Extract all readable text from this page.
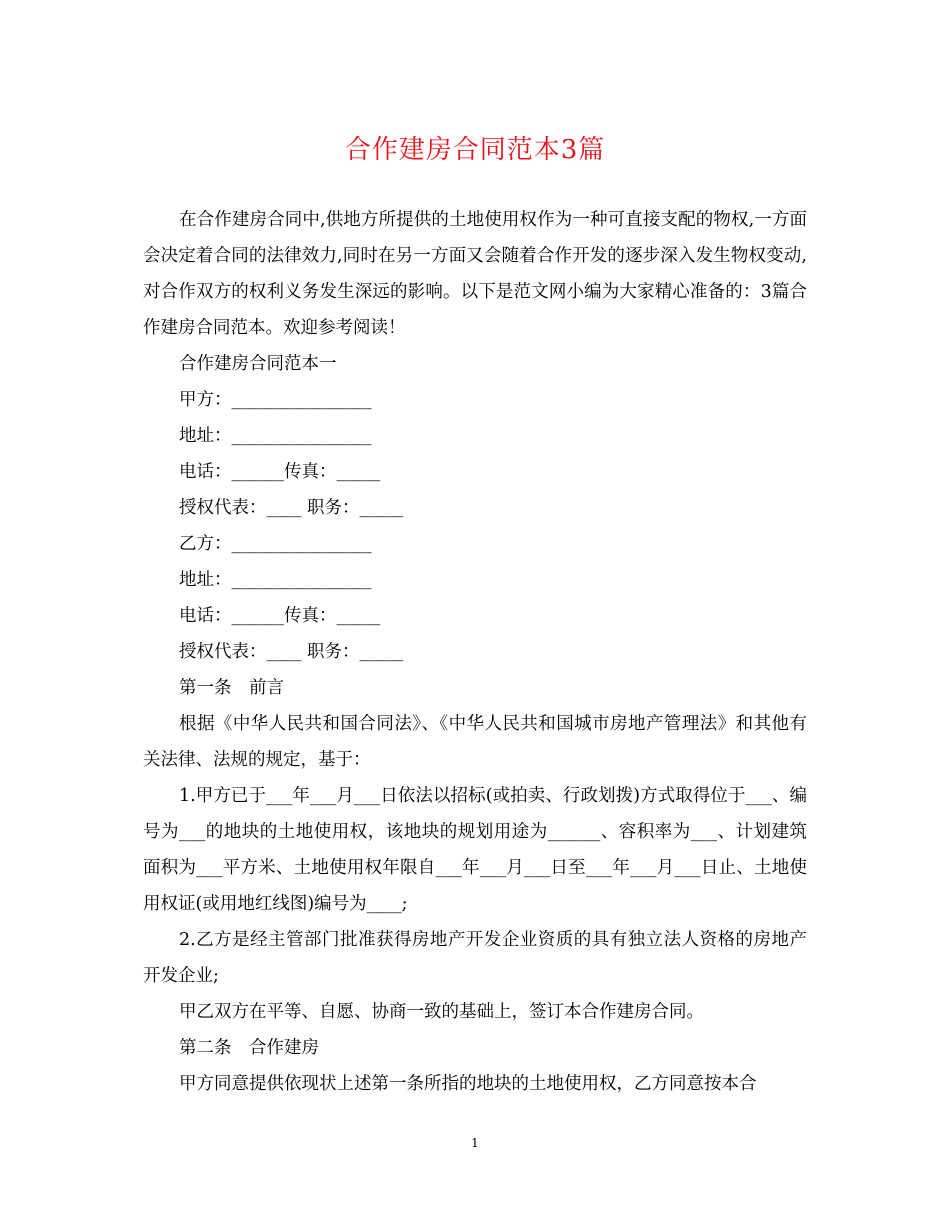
合作建房合同范本3篇

在合作建房合同中,供地方所提供的土地使用权作为一种可直接支配的物权,一方面会决定着合同的法律效力,同时在另一方面又会随着合作开发的逐步深入发生物权变动,对合作双方的权利义务发生深远的影响。以下是范文网小编为大家精心准备的：3篇合作建房合同范本。欢迎参考阅读！

合作建房合同范本一

甲方：________________

地址：________________

电话：______传真：_____

授权代表：____ 职务：_____

乙方：________________

地址：________________

电话：______传真：_____

授权代表：____ 职务：_____

第一条　前言

根据《中华人民共和国合同法》、《中华人民共和国城市房地产管理法》和其他有关法律、法规的规定，基于：

1.甲方已于___年___月___日依法以招标(或拍卖、行政划拨)方式取得位于___、编号为___的地块的土地使用权，该地块的规划用途为______、容积率为___、计划建筑面积为___平方米、土地使用权年限自___年___月___日至___年___月___日止、土地使用权证(或用地红线图)编号为____;

2.乙方是经主管部门批准获得房地产开发企业资质的具有独立法人资格的房地产开发企业;

甲乙双方在平等、自愿、协商一致的基础上，签订本合作建房合同。

第二条　合作建房

甲方同意提供依现状上述第一条所指的地块的土地使用权，乙方同意按本合

1
